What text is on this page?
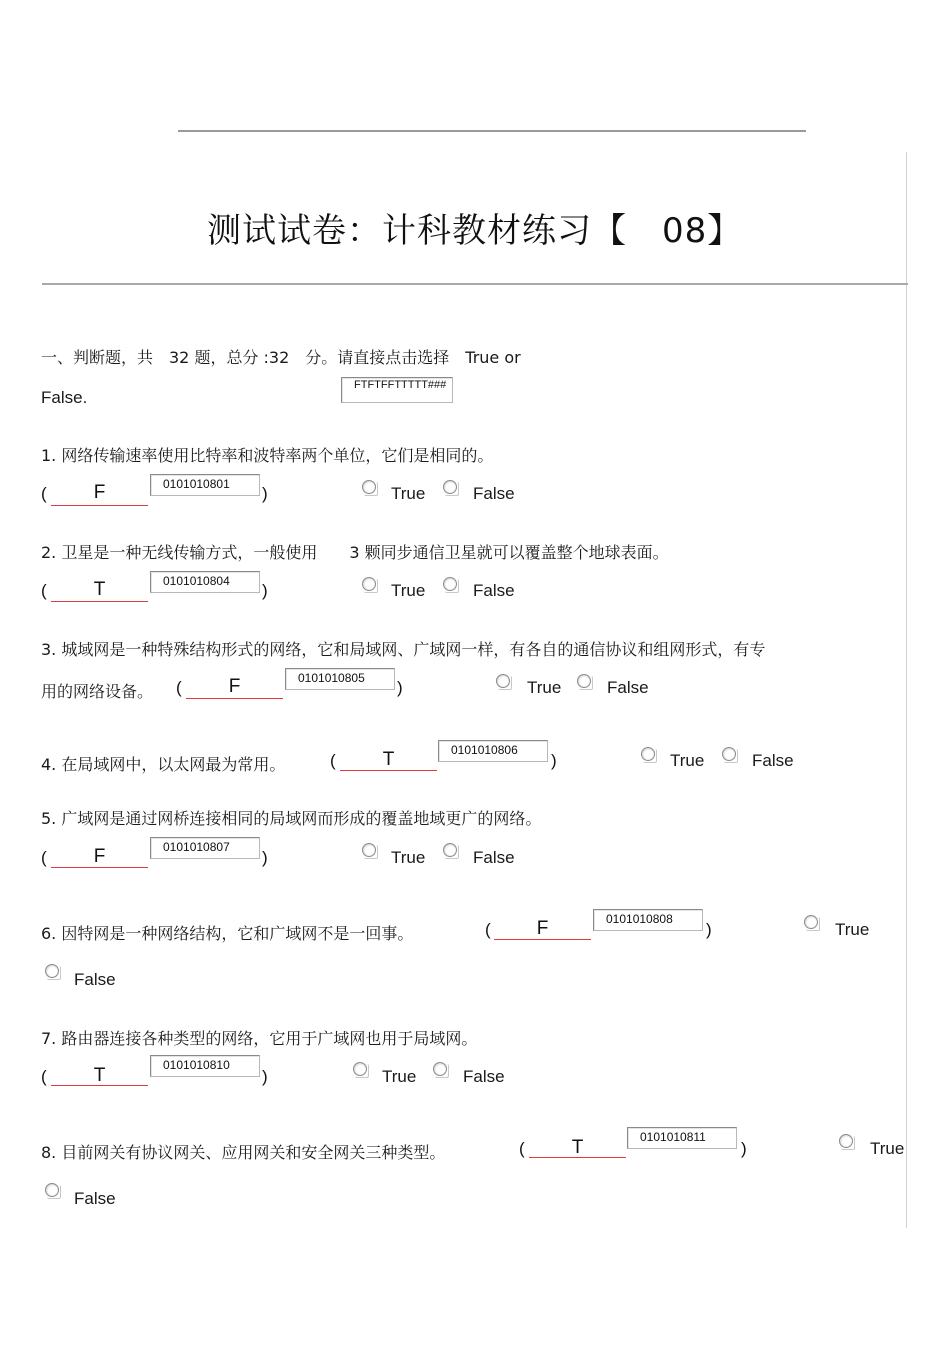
测试试卷：计科教材练习【　08】
一、判断题，共　32 题，总分 :32　分。请直接点击选择　True or
False.
FTFTFFTTTTT###
1. 网络传输速率使用比特率和波特率两个单位，它们是相同的。
(	F	0101010801	)	True	False
2. 卫星是一种无线传输方式，一般使用　　3 颗同步通信卫星就可以覆盖整个地球表面。
(	T	0101010804	)	True	False
3. 城域网是一种特殊结构形式的网络，它和局域网、广域网一样，有各自的通信协议和组网形式，有专
用的网络设备。 (	F	0101010805	)	True	False
4. 在局域网中，以太网最为常用。	(	T	0101010806
)	True	False
5. 广域网是通过网桥连接相同的局域网而形成的覆盖地域更广的网络。
(	F	0101010807
)	True	False
6. 因特网是一种网络结构，它和广域网不是一回事。	(	F	0101010808
)	True
False
7. 路由器连接各种类型的网络，它用于广域网也用于局域网。
(	T	0101010810
)	True	False
8. 目前网关有协议网关、应用网关和安全网关三种类型。	(	T	0101010811
)	True
False
